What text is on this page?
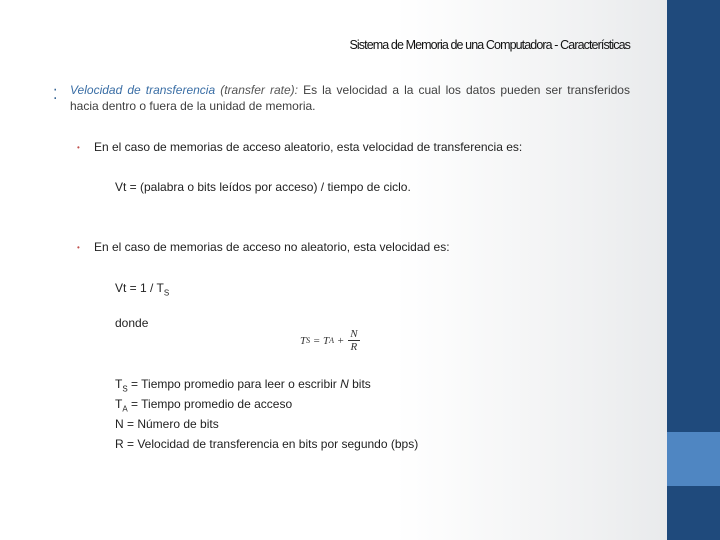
Sistema de Memoria de una Computadora - Características
⁚ Velocidad de transferencia (transfer rate): Es la velocidad a la cual los datos pueden ser transferidos hacia dentro o fuera de la unidad de memoria.
• En el caso de memorias de acceso aleatorio, esta velocidad de transferencia es:
Vt = (palabra o bits leídos por acceso) / tiempo de ciclo.
• En el caso de memorias de acceso no aleatorio, esta velocidad es:
$Vt = 1 / T_S$
donde
T S = T $A + \frac{N}{R}$
$T_S$ = Tiempo promedio para leer o escribir N bits
$T_A$ = Tiempo promedio de acceso
N = Número de bits
R = Velocidad de transferencia en bits por segundo (bps)
